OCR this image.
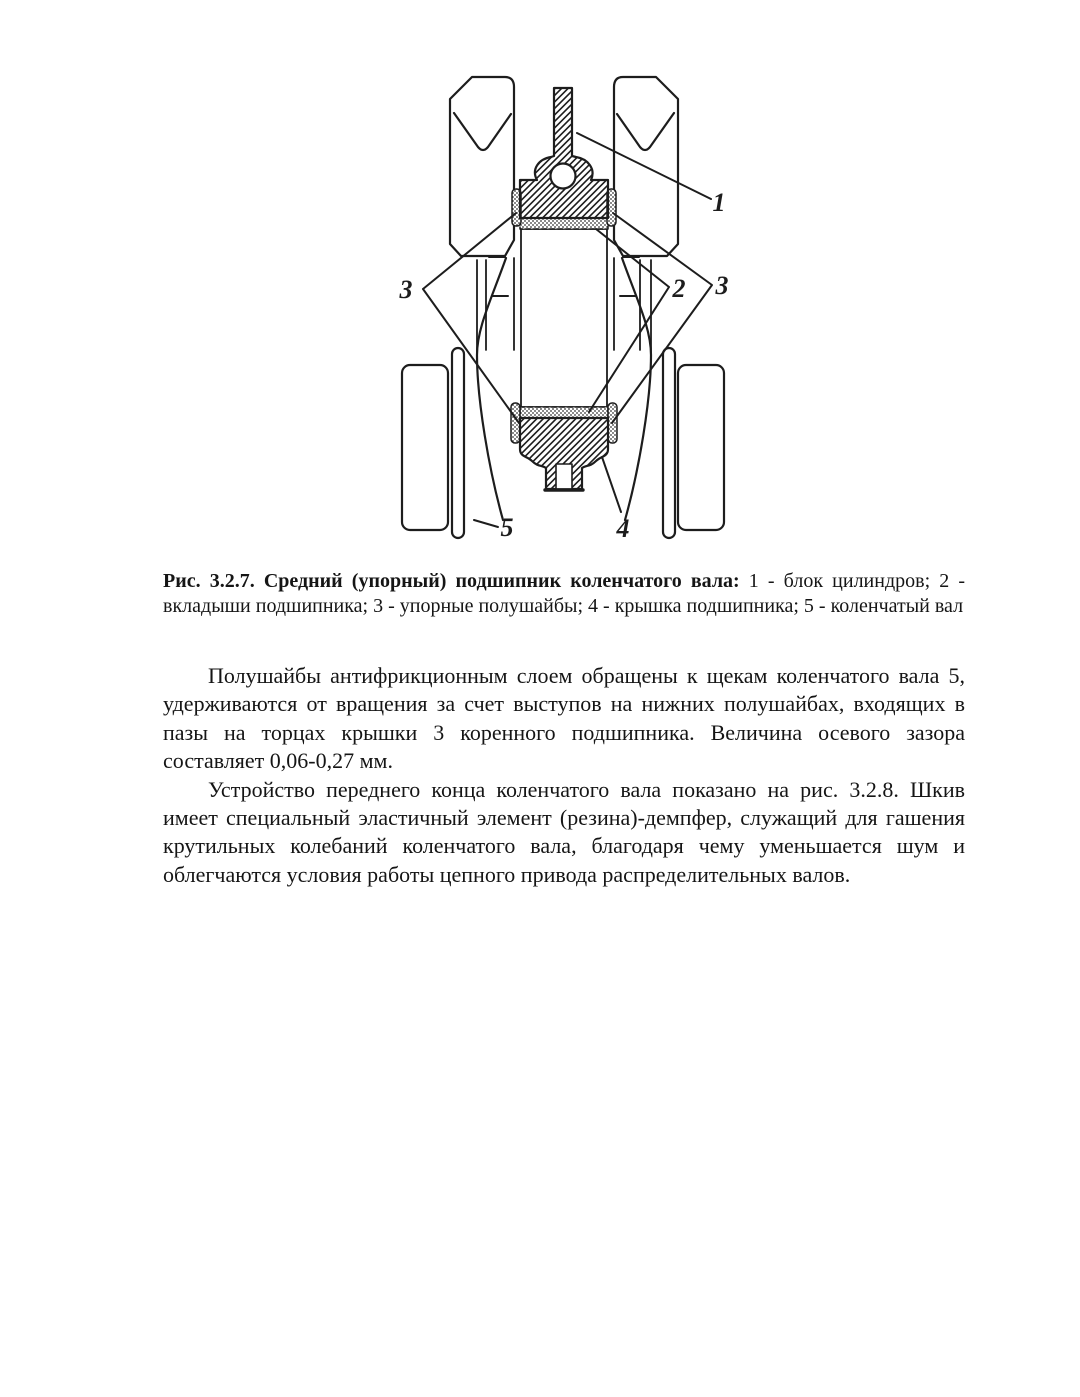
1
3	2 3
4
5
Рис. 3.2.7. Средний (упорный) подшипник коленчатого вала: 1 - блок цилиндров; 2 - вкладыши подшипника; 3 - упорные полушайбы; 4 - крышка подшипника; 5 - коленчатый вал

Полушайбы антифрикционным слоем обращены к щекам коленчатого вала 5, удерживаются от вращения за счет выступов на нижних полушайбах, входящих в пазы на торцах крышки 3 коренного подшипника. Величина осевого зазора составляет 0,06-0,27 мм.

Устройство переднего конца коленчатого вала показано на рис. 3.2.8. Шкив имеет специальный эластичный элемент (резина)-демпфер, служащий для гашения крутильных колебаний коленчатого вала, благодаря чему уменьшается шум и облегчаются условия работы цепного привода распределительных валов.
